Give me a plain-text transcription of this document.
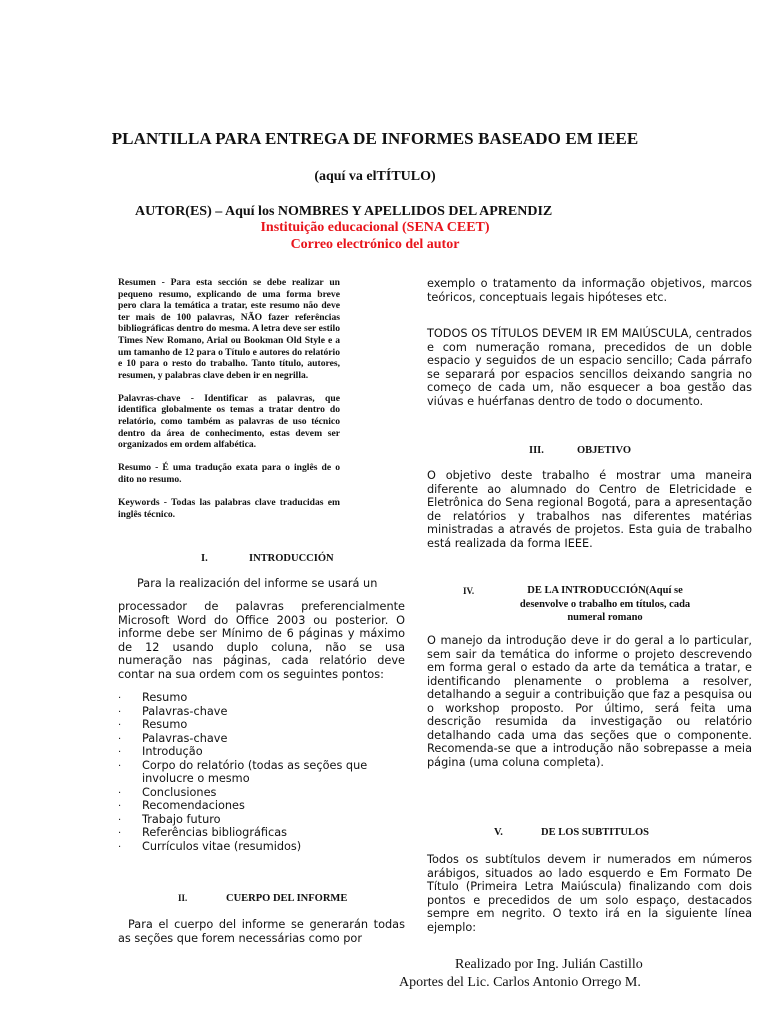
PLANTILLA PARA ENTREGA DE INFORMES BASEADO EM IEEE
(aquí va elTÍTULO)
AUTOR(ES) – Aquí los NOMBRES Y APELLIDOS DEL APRENDIZ
Instituição educacional (SENA CEET)
Correo electrónico del autor

Resumen - Para esta sección se debe realizar un pequeno resumo, explicando de uma forma breve pero clara la temática a tratar, este resumo não deve ter mais de 100 palavras, NÃO fazer referências bibliográficas dentro do mesma. A letra deve ser estilo Times New Romano, Arial ou Bookman Old Style e a um tamanho de 12 para o Título e autores do relatório e 10 para o resto do trabalho. Tanto título, autores, resumen, y palabras clave deben ir en negrilla.

Palavras-chave - Identificar as palavras, que identifica globalmente os temas a tratar dentro do relatório, como também as palavras de uso técnico dentro da área de conhecimento, estas devem ser organizados em ordem alfabética.

Resumo - É uma tradução exata para o inglês de o dito no resumo.

Keywords - Todas las palabras clave traducidas em inglês técnico.

I.	INTRODUCCIÓN
Para la realización del informe se usará un
processador de palavras preferencialmente Microsoft Word do Office 2003 ou posterior. O informe debe ser Mínimo de 6 páginas y máximo de 12 usando duplo coluna, não se usa numeração nas páginas, cada relatório deve contar na sua ordem com os seguintes pontos:
. Resumo
. Palavras-chave
. Resumo
. Palavras-chave
. Introdução
. Corpo do relatório (todas as seções que involucre o mesmo
. Conclusiones
. Recomendaciones
. Trabajo futuro
. Referências bibliográficas
. Currículos vitae (resumidos)
II.	CUERPO DEL INFORME
Para el cuerpo del informe se generarán todas as seções que forem necessárias como por
exemplo o tratamento da informação objetivos, marcos teóricos, conceptuais legais hipóteses etc.
TODOS OS TÍTULOS DEVEM IR EM MAIÚSCULA, centrados e com numeração romana, precedidos de un doble espacio y seguidos de un espacio sencillo; Cada párrafo se separará por espacios sencillos deixando sangria no começo de cada um, não esquecer a boa gestão das viúvas e huérfanas dentro de todo o documento.
III.	OBJETIVO
O objetivo deste trabalho é mostrar uma maneira diferente ao alumnado do Centro de Eletricidade e Eletrônica do Sena regional Bogotá, para a apresentação de relatórios y trabalhos nas diferentes matérias ministradas a através de projetos. Esta guia de trabalho está realizada da forma IEEE.
IV.	DE LA INTRODUCCIÓN(Aquí se desenvolve o trabalho em títulos, cada numeral romano
O manejo da introdução deve ir do geral a lo particular, sem sair da temática do informe o projeto descrevendo em forma geral o estado da arte da temática a tratar, e identificando plenamente o problema a resolver, detalhando a seguir a contribuição que faz a pesquisa ou o workshop proposto. Por último, será feita uma descrição resumida da investigação ou relatório detalhando cada uma das seções que o componente. Recomenda-se que a introdução não sobrepasse a meia página (uma coluna completa).
V.	DE LOS SUBTITULOS
Todos os subtítulos devem ir numerados em números arábigos, situados ao lado esquerdo e Em Formato De Título (Primeira Letra Maiúscula) finalizando com dois pontos e precedidos de um solo espaço, destacados sempre em negrito. O texto irá en la siguiente línea ejemplo:
Realizado por Ing. Julián Castillo
Aportes del Lic. Carlos Antonio Orrego M.
